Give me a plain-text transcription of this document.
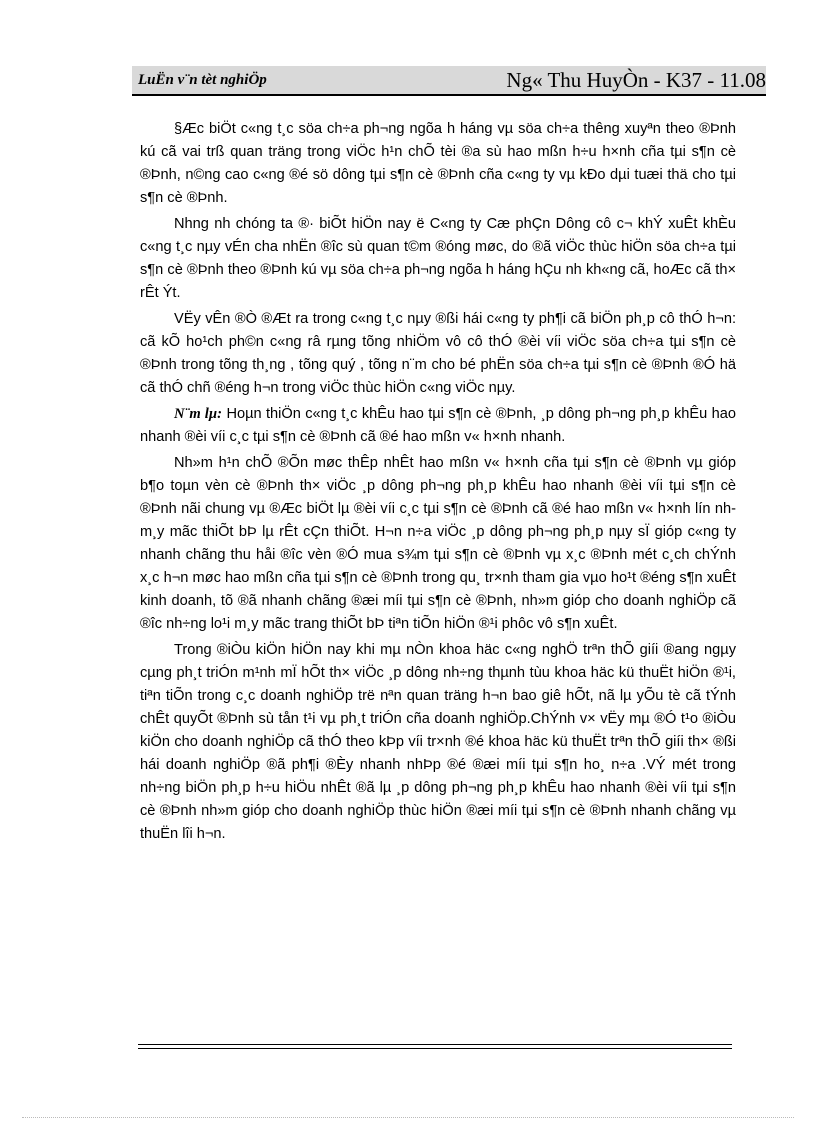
LuËn v¨n tèt nghiÖp	Ng« Thu HuyÒn - K37 - 11.08

§Æc biÖt c«ng t¸c söa ch÷a ph¬ng ngõa h háng vµ söa ch÷a thêng xuyªn theo ®Þnh kú cã vai trß quan träng trong viÖc h¹n chÕ tèi ®a sù hao mßn h÷u h×nh cña tµi s¶n cè ®Þnh, n©ng cao c«ng ®é sö dông tµi s¶n cè ®Þnh cña c«ng ty vµ kÐo dµi tuæi thä cho tµi s¶n cè ®Þnh.

Nhng nh chóng ta ®· biÕt hiÖn nay ë C«ng ty Cæ phÇn Dông cô c¬ khÝ xuÊt khÈu c«ng t¸c nµy vÉn cha nhËn ®îc sù quan t©m ®óng møc, do ®ã viÖc thùc hiÖn söa ch÷a tµi s¶n cè ®Þnh theo ®Þnh kú vµ söa ch÷a ph¬ng ngõa h háng hÇu nh kh«ng cã, hoÆc cã th× rÊt Ýt.

VËy vÊn ®Ò ®Æt ra trong c«ng t¸c nµy ®ßi hái c«ng ty ph¶i cã biÖn ph¸p cô thÓ h¬n: cã kÕ ho¹ch ph©n c«ng râ rµng tõng nhiÖm vô cô thÓ ®èi víi viÖc söa ch÷a tµi s¶n cè ®Þnh trong tõng th¸ng , tõng quý , tõng n¨m cho bé phËn söa ch÷a tµi s¶n cè ®Þnh ®Ó hä cã thÓ chñ ®éng h¬n trong viÖc thùc hiÖn c«ng viÖc nµy.

N¨m lµ: Hoµn thiÖn c«ng t¸c khÊu hao tµi s¶n cè ®Þnh, ¸p dông ph¬ng ph¸p khÊu hao nhanh ®èi víi c¸c tµi s¶n cè ®Þnh cã ®é hao mßn v« h×nh nhanh.

Nh»m h¹n chÕ ®Õn møc thÊp nhÊt hao mßn v« h×nh cña tµi s¶n cè ®Þnh vµ gióp b¶o toµn vèn cè ®Þnh th× viÖc ¸p dông ph¬ng ph¸p khÊu hao nhanh ®èi víi tµi s¶n cè ®Þnh nãi chung vµ ®Æc biÖt lµ ®èi víi c¸c tµi s¶n cè ®Þnh cã ®é hao mßn v« h×nh lín nh m¸y mãc thiÕt bÞ lµ rÊt cÇn thiÕt. H¬n n÷a viÖc ¸p dông ph¬ng ph¸p nµy sÏ gióp c«ng ty nhanh chãng thu håi ®îc vèn ®Ó mua s¾m tµi s¶n cè ®Þnh vµ x¸c ®Þnh mét c¸ch chÝnh x¸c h¬n møc hao mßn cña tµi s¶n cè ®Þnh trong qu¸ tr×nh tham gia vµo ho¹t ®éng s¶n xuÊt kinh doanh, tõ ®ã nhanh chãng ®æi míi tµi s¶n cè ®Þnh, nh»m gióp cho doanh nghiÖp cã ®îc nh÷ng lo¹i m¸y mãc trang thiÕt bÞ tiªn tiÕn hiÖn ®¹i phôc vô s¶n xuÊt.

Trong ®iÒu kiÖn hiÖn nay khi mµ nÒn khoa häc c«ng nghÖ trªn thÕ giíi ®ang ngµy cµng ph¸t triÓn m¹nh mÏ hÕt th× viÖc ¸p dông nh÷ng thµnh tùu khoa häc kü thuËt hiÖn ®¹i, tiªn tiÕn trong c¸c doanh nghiÖp trë nªn quan träng h¬n bao giê hÕt, nã lµ yÕu tè cã tÝnh chÊt quyÕt ®Þnh sù tån t¹i vµ ph¸t triÓn cña doanh nghiÖp.ChÝnh v× vËy mµ ®Ó t¹o ®iÒu kiÖn cho doanh nghiÖp cã thÓ theo kÞp víi tr×nh ®é khoa häc kü thuËt trªn thÕ giíi th× ®ßi hái doanh nghiÖp ®ã ph¶i ®Èy nhanh nhÞp ®é ®æi míi tµi s¶n ho¸ n÷a .VÝ mét trong nh÷ng biÖn ph¸p h÷u hiÖu nhÊt ®ã lµ ¸p dông ph¬ng ph¸p khÊu hao nhanh ®èi víi tµi s¶n cè ®Þnh nh»m gióp cho doanh nghiÖp thùc hiÖn ®æi míi tµi s¶n cè ®Þnh nhanh chãng vµ thuËn lîi h¬n.
